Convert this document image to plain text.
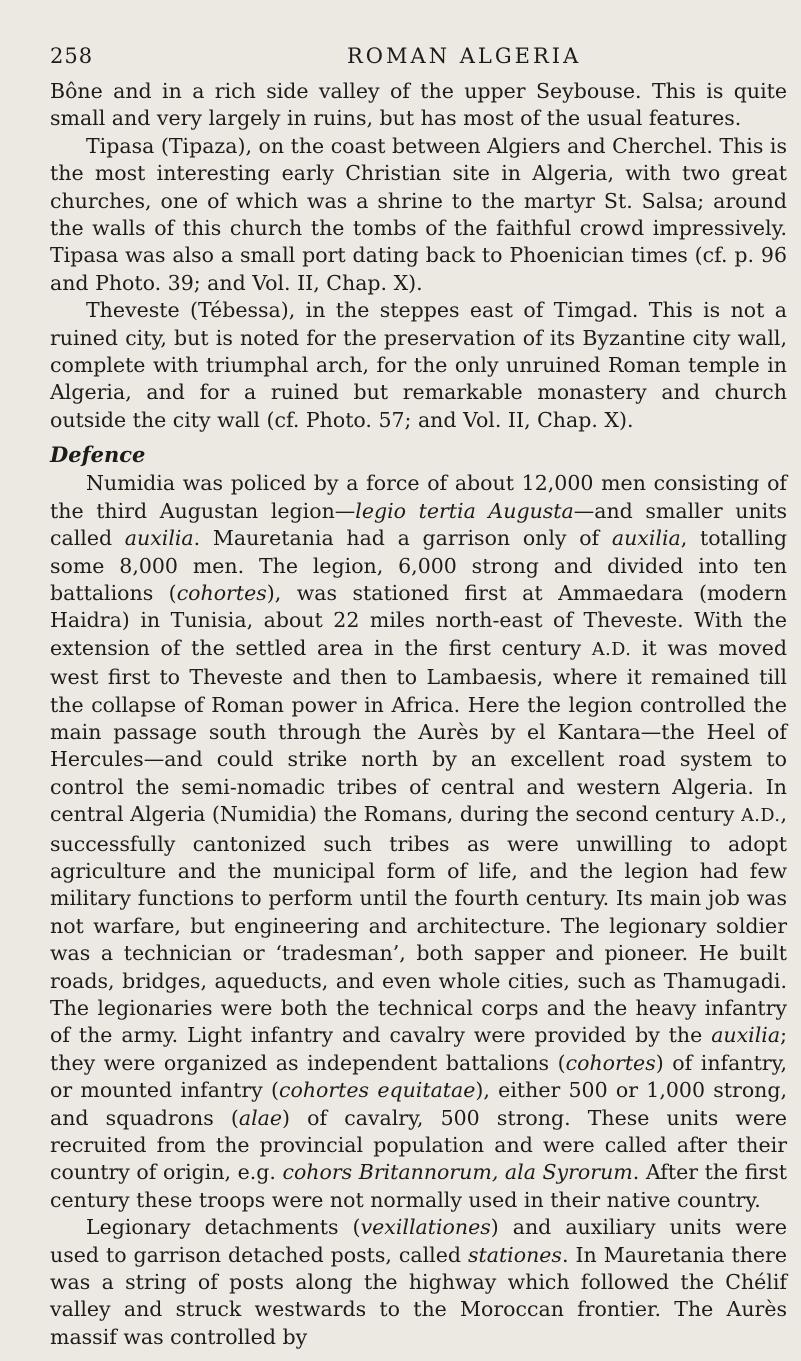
258	ROMAN ALGERIA

Bône and in a rich side valley of the upper Seybouse. This is quite small and very largely in ruins, but has most of the usual features.

Tipasa (Tipaza), on the coast between Algiers and Cherchel. This is the most interesting early Christian site in Algeria, with two great churches, one of which was a shrine to the martyr St. Salsa; around the walls of this church the tombs of the faithful crowd impressively. Tipasa was also a small port dating back to Phoenician times (cf. p. 96 and Photo. 39; and Vol. II, Chap. X).

Theveste (Tébessa), in the steppes east of Timgad. This is not a ruined city, but is noted for the preservation of its Byzantine city wall, complete with triumphal arch, for the only unruined Roman temple in Algeria, and for a ruined but remarkable monastery and church outside the city wall (cf. Photo. 57; and Vol. II, Chap. X).

Defence

Numidia was policed by a force of about 12,000 men consisting of the third Augustan legion—legio tertia Augusta—and smaller units called auxilia. Mauretania had a garrison only of auxilia, totalling some 8,000 men. The legion, 6,000 strong and divided into ten battalions (cohortes), was stationed first at Ammaedara (modern Haidra) in Tunisia, about 22 miles north-east of Theveste. With the extension of the settled area in the first century A.D. it was moved west first to Theveste and then to Lambaesis, where it remained till the collapse of Roman power in Africa. Here the legion controlled the main passage south through the Aurès by el Kantara—the Heel of Hercules—and could strike north by an excellent road system to control the semi-nomadic tribes of central and western Algeria. In central Algeria (Numidia) the Romans, during the second century A.D., successfully cantonized such tribes as were unwilling to adopt agriculture and the municipal form of life, and the legion had few military functions to perform until the fourth century. Its main job was not warfare, but engineering and architecture. The legionary soldier was a technician or ‘tradesman’, both sapper and pioneer. He built roads, bridges, aqueducts, and even whole cities, such as Thamugadi. The legionaries were both the technical corps and the heavy infantry of the army. Light infantry and cavalry were provided by the auxilia; they were organized as independent battalions (cohortes) of infantry, or mounted infantry (cohortes equitatae), either 500 or 1,000 strong, and squadrons (alae) of cavalry, 500 strong. These units were recruited from the provincial population and were called after their country of origin, e.g. cohors Britannorum, ala Syrorum. After the first century these troops were not normally used in their native country.

Legionary detachments (vexillationes) and auxiliary units were used to garrison detached posts, called stationes. In Mauretania there was a string of posts along the highway which followed the Chélif valley and struck westwards to the Moroccan frontier. The Aurès massif was controlled by
